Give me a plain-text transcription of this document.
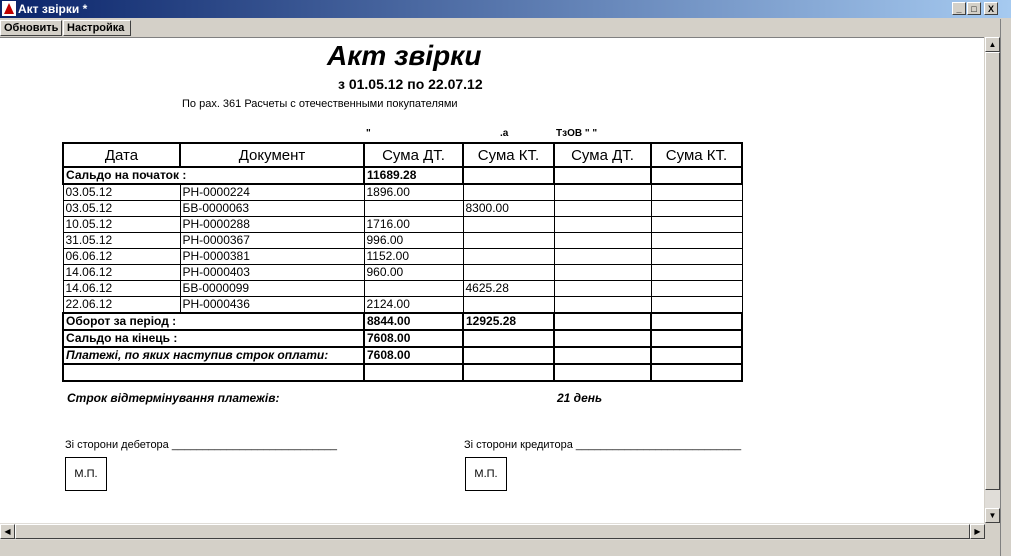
Акт звірки *	_	□	X
Обновить Настройка
Акт звірки
з 01.05.12 по 22.07.12
По рах. 361 Расчеты с отечественными покупателями
"	.а	ТзОВ " "
Дата	Документ	Сума ДТ.	Сума КТ.	Сума ДТ.	Сума КТ.
Сальдо на початок :		11689.28			
03.05.12	РН-0000224	1896.00			
03.05.12	БВ-0000063		8300.00		
10.05.12	РН-0000288	1716.00			
31.05.12	РН-0000367	996.00			
06.06.12	РН-0000381	1152.00			
14.06.12	РН-0000403	960.00			
14.06.12	БВ-0000099		4625.28		
22.06.12	РН-0000436	2124.00			
Оборот за період :		8844.00	12925.28		
Сальдо на кінець :		7608.00			
Платежі, по яких наступив строк оплати:		7608.00			

Строк відтермінування платежів:	21 день
Зі сторони дебетора ___________________________	Зі сторони кредитора ___________________________
М.П.	М.П.
▲
▼
◀	▶
